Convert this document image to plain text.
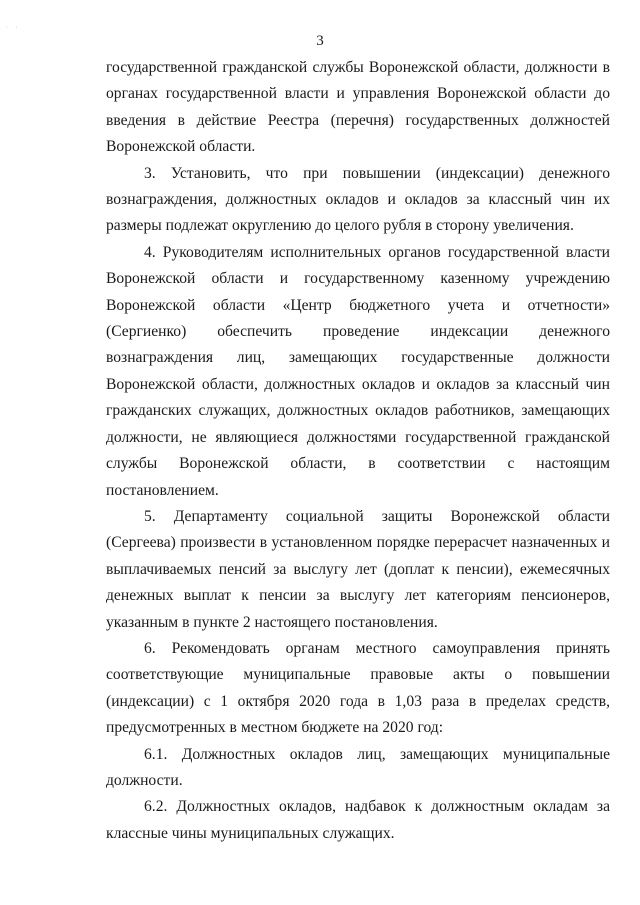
· ·
3

государственной гражданской службы Воронежской области, должности в органах государственной власти и управления Воронежской области до введения в действие Реестра (перечня) государственных должностей Воронежской области.

3. Установить, что при повышении (индексации) денежного вознаграждения, должностных окладов и окладов за классный чин их размеры подлежат округлению до целого рубля в сторону увеличения.

4. Руководителям исполнительных органов государственной власти Воронежской области и государственному казенному учреждению Воронежской области «Центр бюджетного учета и отчетности» (Сергиенко) обеспечить проведение индексации денежного вознаграждения лиц, замещающих государственные должности Воронежской области, должностных окладов и окладов за классный чин гражданских служащих, должностных окладов работников, замещающих должности, не являющиеся должностями государственной гражданской службы Воронежской области, в соответствии с настоящим постановлением.

5. Департаменту социальной защиты Воронежской области (Сергеева) произвести в установленном порядке перерасчет назначенных и выплачиваемых пенсий за выслугу лет (доплат к пенсии), ежемесячных денежных выплат к пенсии за выслугу лет категориям пенсионеров, указанным в пункте 2 настоящего постановления.

6. Рекомендовать органам местного самоуправления принять соответствующие муниципальные правовые акты о повышении (индексации) с 1 октября 2020 года в 1,03 раза в пределах средств, предусмотренных в местном бюджете на 2020 год:

6.1. Должностных окладов лиц, замещающих муниципальные должности.

6.2. Должностных окладов, надбавок к должностным окладам за классные чины муниципальных служащих.
